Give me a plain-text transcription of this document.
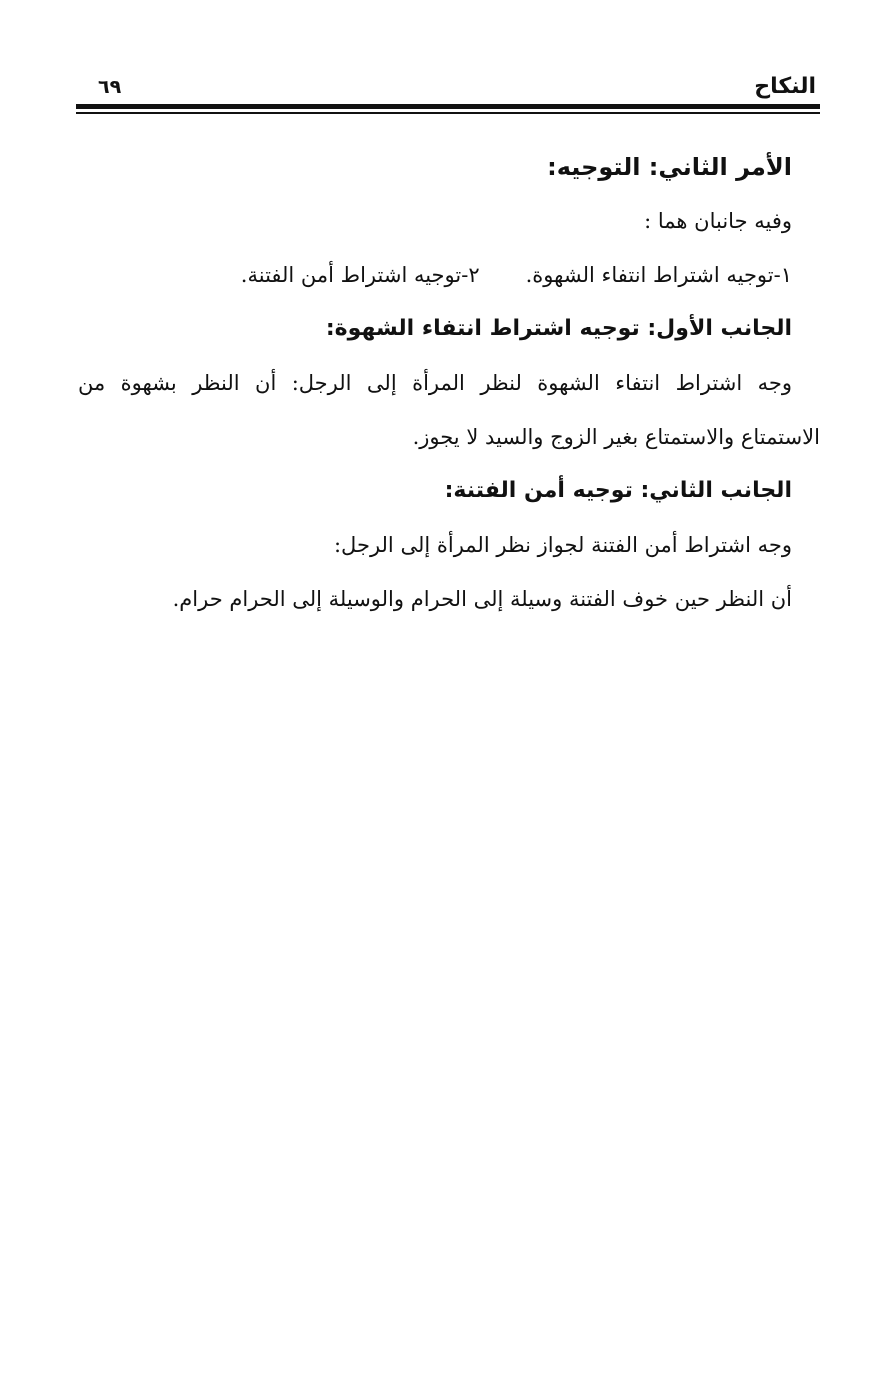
النكاح
٦٩
الأمر الثاني: التوجيه:
وفيه جانبان هما :
١-توجيه اشتراط انتفاء الشهوة.
٢-توجيه اشتراط أمن الفتنة.
الجانب الأول: توجيه اشتراط انتفاء الشهوة:
وجه اشتراط انتفاء الشهوة لنظر المرأة إلى الرجل: أن النظر بشهوة من
الاستمتاع والاستمتاع بغير الزوج والسيد لا يجوز.
الجانب الثاني: توجيه أمن الفتنة:
وجه اشتراط أمن الفتنة لجواز نظر المرأة إلى الرجل:
أن النظر حين خوف الفتنة وسيلة إلى الحرام والوسيلة إلى الحرام حرام.
